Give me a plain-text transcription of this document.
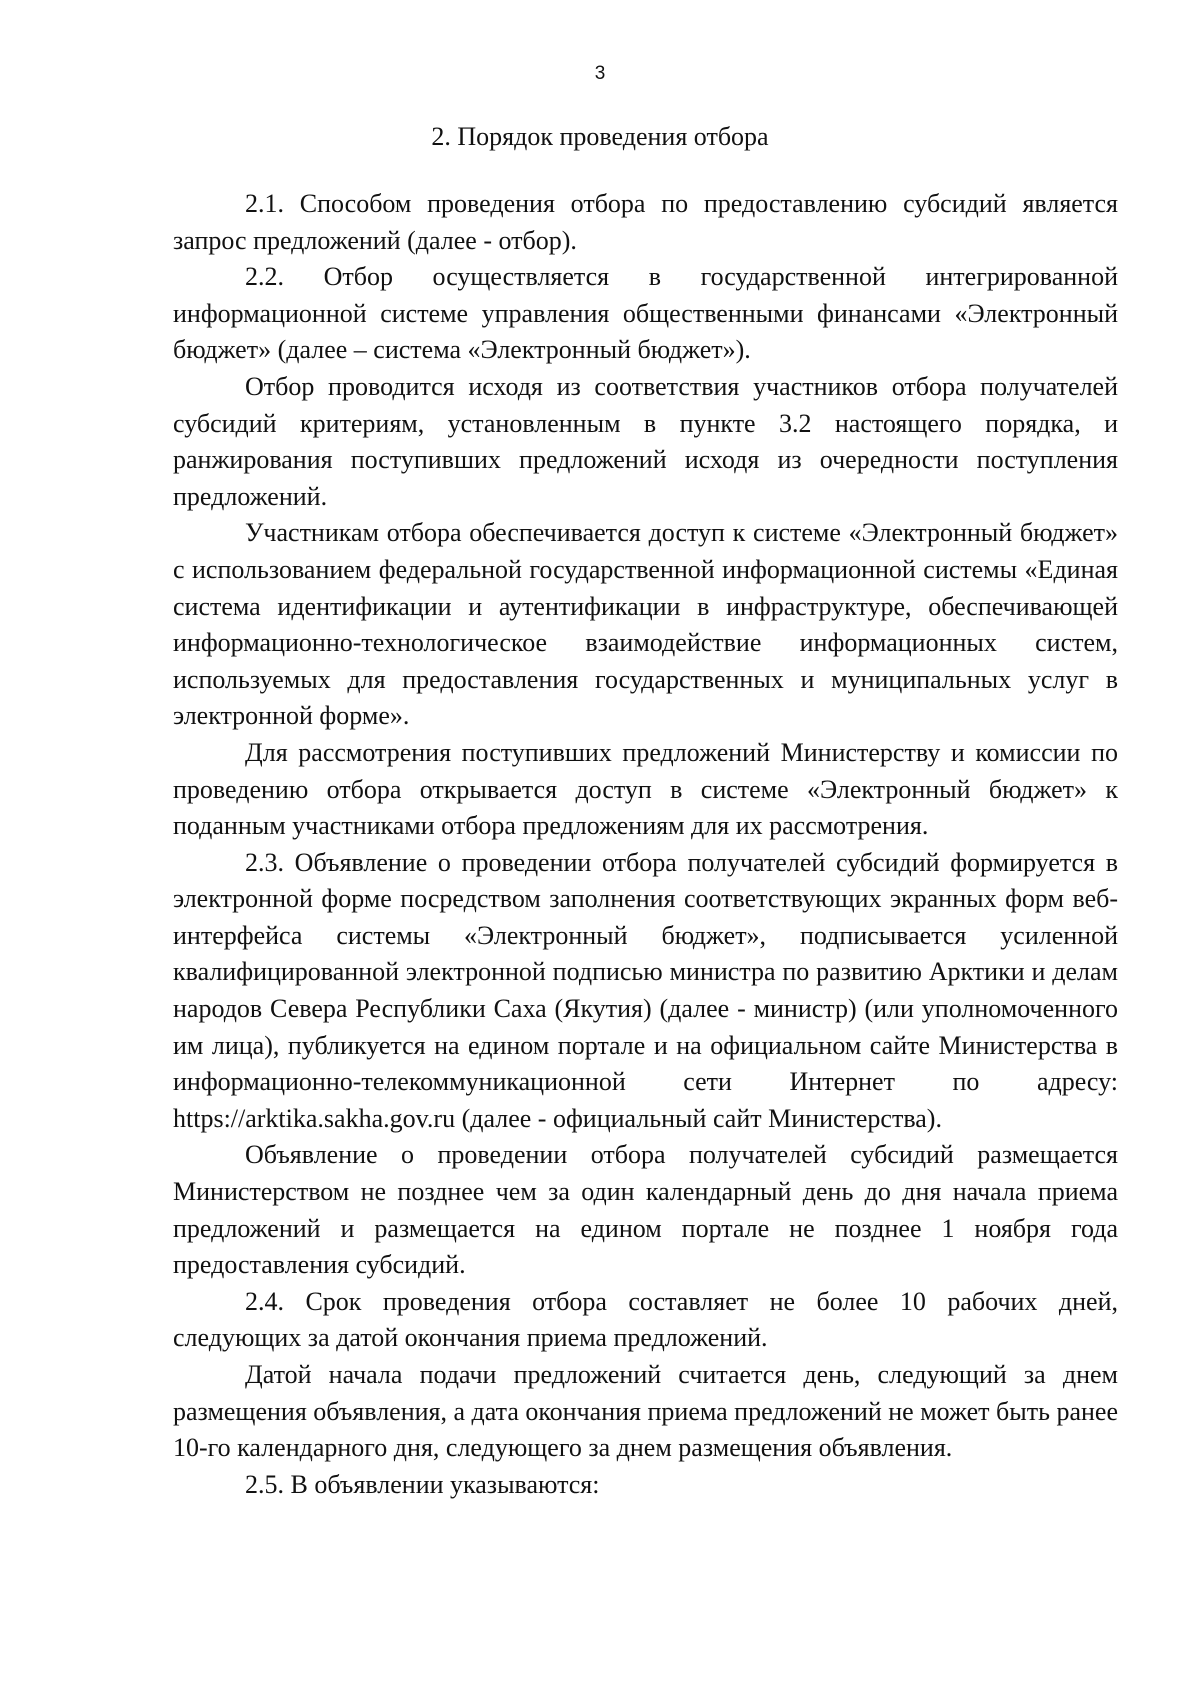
3
2. Порядок проведения отбора

2.1. Способом проведения отбора по предоставлению субсидий является запрос предложений (далее - отбор).

2.2. Отбор осуществляется в государственной интегрированной информационной системе управления общественными финансами «Электронный бюджет» (далее – система «Электронный бюджет»).

Отбор проводится исходя из соответствия участников отбора получателей субсидий критериям, установленным в пункте 3.2 настоящего порядка, и ранжирования поступивших предложений исходя из очередности поступления предложений.

Участникам отбора обеспечивается доступ к системе «Электронный бюджет» с использованием федеральной государственной информационной системы «Единая система идентификации и аутентификации в инфраструктуре, обеспечивающей информационно-технологическое взаимодействие информационных систем, используемых для предоставления государственных и муниципальных услуг в электронной форме».

Для рассмотрения поступивших предложений Министерству и комиссии по проведению отбора открывается доступ в системе «Электронный бюджет» к поданным участниками отбора предложениям для их рассмотрения.

2.3. Объявление о проведении отбора получателей субсидий формируется в электронной форме посредством заполнения соответствующих экранных форм веб-интерфейса системы «Электронный бюджет», подписывается усиленной квалифицированной электронной подписью министра по развитию Арктики и делам народов Севера Республики Саха (Якутия) (далее - министр) (или уполномоченного им лица), публикуется на едином портале и на официальном сайте Министерства в информационно-телекоммуникационной сети Интернет по адресу: https://arktika.sakha.gov.ru (далее - официальный сайт Министерства).

Объявление о проведении отбора получателей субсидий размещается Министерством не позднее чем за один календарный день до дня начала приема предложений и размещается на едином портале не позднее 1 ноября года предоставления субсидий.

2.4. Срок проведения отбора составляет не более 10 рабочих дней, следующих за датой окончания приема предложений.

Датой начала подачи предложений считается день, следующий за днем размещения объявления, а дата окончания приема предложений не может быть ранее 10-го календарного дня, следующего за днем размещения объявления.

2.5. В объявлении указываются:
